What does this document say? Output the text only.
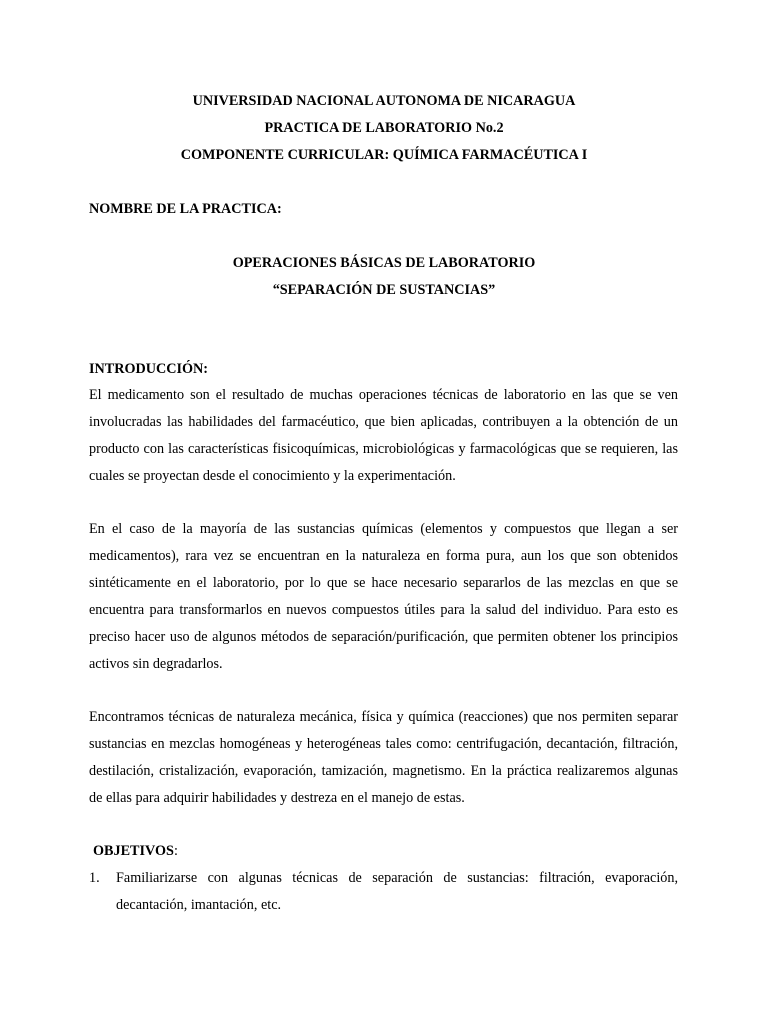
UNIVERSIDAD NACIONAL AUTONOMA DE NICARAGUA
PRACTICA DE LABORATORIO No.2
COMPONENTE CURRICULAR: QUÍMICA FARMACÉUTICA I
NOMBRE DE LA PRACTICA:
OPERACIONES BÁSICAS DE LABORATORIO
“SEPARACIÓN DE SUSTANCIAS”
INTRODUCCIÓN:

El medicamento son el resultado de muchas operaciones técnicas de laboratorio en las que se ven involucradas las habilidades del farmacéutico, que bien aplicadas, contribuyen a la obtención de un producto con las características fisicoquímicas, microbiológicas y farmacológicas que se requieren, las cuales se proyectan desde el conocimiento y la experimentación.

En el caso de la mayoría de las sustancias químicas (elementos y compuestos que llegan a ser medicamentos), rara vez se encuentran en la naturaleza en forma pura, aun los que son obtenidos sintéticamente en el laboratorio, por lo que se hace necesario separarlos de las mezclas en que se encuentra para transformarlos en nuevos compuestos útiles para la salud del individuo. Para esto es preciso hacer uso de algunos métodos de separación/purificación, que permiten obtener los principios activos sin degradarlos.

Encontramos técnicas de naturaleza mecánica, física y química (reacciones) que nos permiten separar sustancias en mezclas homogéneas y heterogéneas tales como: centrifugación, decantación, filtración, destilación, cristalización, evaporación, tamización, magnetismo. En la práctica realizaremos algunas de ellas para adquirir habilidades y destreza en el manejo de estas.

OBJETIVOS:
1. Familiarizarse con algunas técnicas de separación de sustancias: filtración, evaporación, decantación, imantación, etc.
